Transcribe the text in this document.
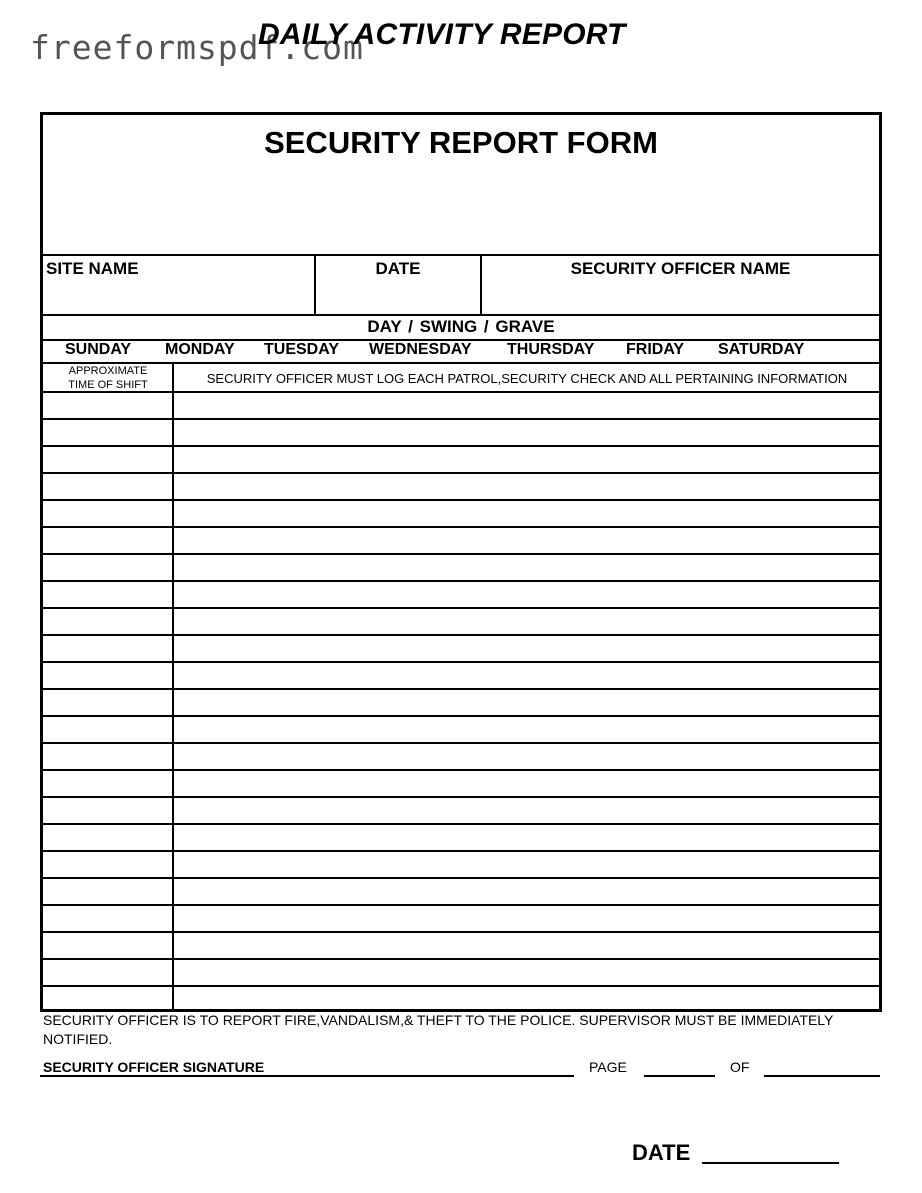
freeformspdf.com
DAILY ACTIVITY REPORT
SECURITY REPORT FORM
SITE NAME	DATE	SECURITY OFFICER NAME
DAY / SWING / GRAVE
SUNDAY MONDAY TUESDAY WEDNESDAY THURSDAY FRIDAY SATURDAY
APPROXIMATE
TIME OF SHIFT	SECURITY OFFICER MUST LOG EACH PATROL,SECURITY CHECK AND ALL PERTAINING INFORMATION
SECURITY OFFICER IS TO REPORT FIRE,VANDALISM,& THEFT TO THE POLICE. SUPERVISOR MUST BE IMMEDIATELY NOTIFIED.
SECURITY OFFICER SIGNATURE	PAGE	OF
DATE
